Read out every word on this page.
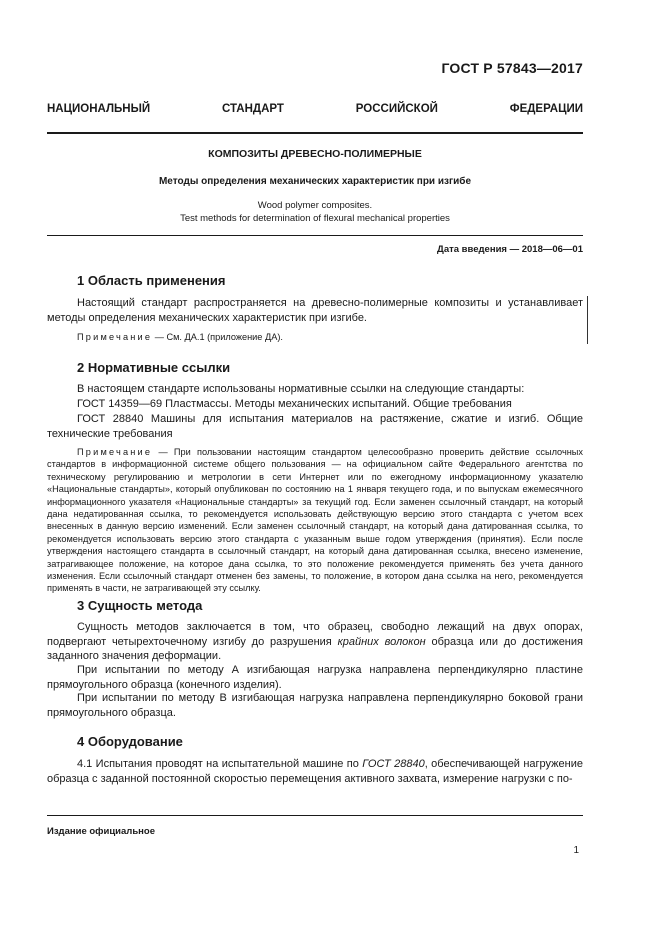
ГОСТ Р 57843—2017
НАЦИОНАЛЬНЫЙ СТАНДАРТ РОССИЙСКОЙ ФЕДЕРАЦИИ
КОМПОЗИТЫ ДРЕВЕСНО-ПОЛИМЕРНЫЕ
Методы определения механических характеристик при изгибе
Wood polymer composites.
Test methods for determination of flexural mechanical properties
Дата введения — 2018—06—01
1 Область применения
Настоящий стандарт распространяется на древесно-полимерные композиты и устанавливает методы определения механических характеристик при изгибе.
Примечание — См. ДА.1 (приложение ДА).
2 Нормативные ссылки
В настоящем стандарте использованы нормативные ссылки на следующие стандарты:
ГОСТ 14359—69 Пластмассы. Методы механических испытаний. Общие требования
ГОСТ 28840 Машины для испытания материалов на растяжение, сжатие и изгиб. Общие технические требования
Примечание — При пользовании настоящим стандартом целесообразно проверить действие ссылочных стандартов в информационной системе общего пользования — на официальном сайте Федерального агентства по техническому регулированию и метрологии в сети Интернет или по ежегодному информационному указателю «Национальные стандарты», который опубликован по состоянию на 1 января текущего года, и по выпускам ежемесячного информационного указателя «Национальные стандарты» за текущий год. Если заменен ссылочный стандарт, на который дана недатированная ссылка, то рекомендуется использовать действующую версию этого стандарта с учетом всех внесенных в данную версию изменений. Если заменен ссылочный стандарт, на который дана датированная ссылка, то рекомендуется использовать версию этого стандарта с указанным выше годом утверждения (принятия). Если после утверждения настоящего стандарта в ссылочный стандарт, на который дана датированная ссылка, внесено изменение, затрагивающее положение, на которое дана ссылка, то это положение рекомендуется применять без учета данного изменения. Если ссылочный стандарт отменен без замены, то положение, в котором дана ссылка на него, рекомендуется применять в части, не затрагивающей эту ссылку.
3 Сущность метода
Сущность методов заключается в том, что образец, свободно лежащий на двух опорах, подвергают четырехточечному изгибу до разрушения крайних волокон образца или до достижения заданного значения деформации.
При испытании по методу А изгибающая нагрузка направлена перпендикулярно пластине прямоугольного образца (конечного изделия).
При испытании по методу В изгибающая нагрузка направлена перпендикулярно боковой грани прямоугольного образца.
4 Оборудование
4.1 Испытания проводят на испытательной машине по ГОСТ 28840, обеспечивающей нагружение образца с заданной постоянной скоростью перемещения активного захвата, измерение нагрузки с по-
Издание официальное
1
